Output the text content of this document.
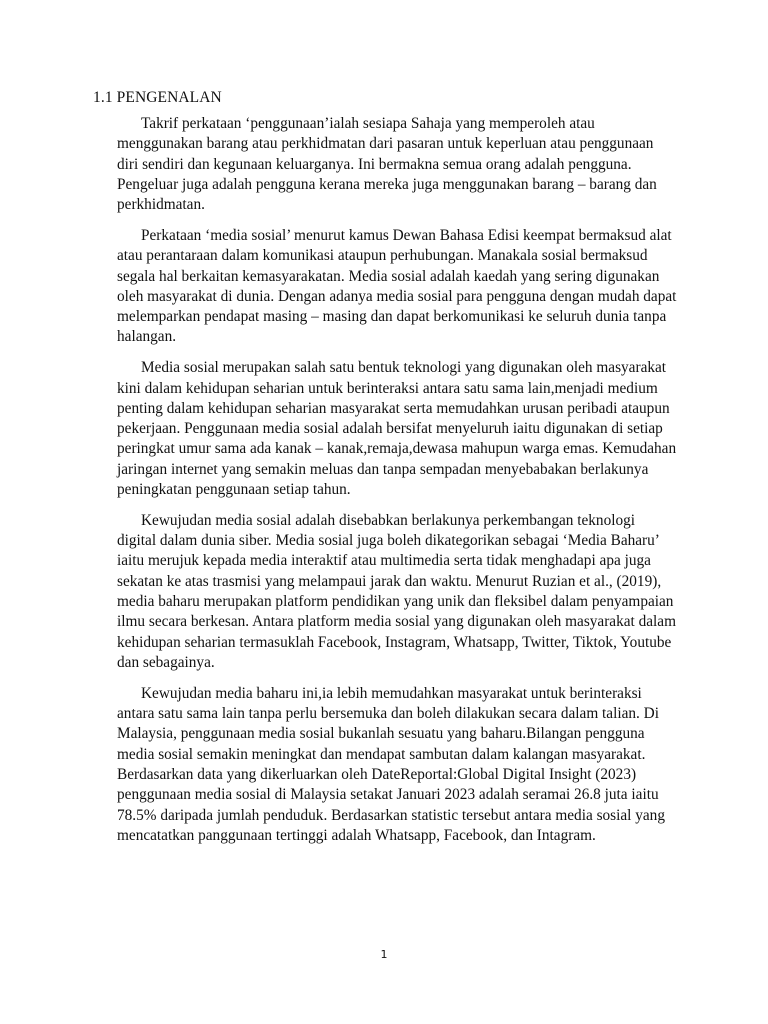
1.1 PENGENALAN

Takrif perkataan ‘penggunaan’ialah sesiapa Sahaja yang memperoleh atau menggunakan barang atau perkhidmatan dari pasaran untuk keperluan atau penggunaan diri sendiri dan kegunaan keluarganya. Ini bermakna semua orang adalah pengguna. Pengeluar juga adalah pengguna kerana mereka juga menggunakan barang – barang dan perkhidmatan.

Perkataan ‘media sosial’ menurut kamus Dewan Bahasa Edisi keempat bermaksud alat atau perantaraan dalam komunikasi ataupun perhubungan. Manakala sosial bermaksud segala hal berkaitan kemasyarakatan. Media sosial adalah kaedah yang sering digunakan oleh masyarakat di dunia. Dengan adanya media sosial para pengguna dengan mudah dapat melemparkan pendapat masing – masing dan dapat berkomunikasi ke seluruh dunia tanpa halangan.

Media sosial merupakan salah satu bentuk teknologi yang digunakan oleh masyarakat kini dalam kehidupan seharian untuk berinteraksi antara satu sama lain,menjadi medium penting dalam kehidupan seharian masyarakat serta memudahkan urusan peribadi ataupun pekerjaan. Penggunaan media sosial adalah bersifat menyeluruh iaitu digunakan di setiap peringkat umur sama ada kanak – kanak,remaja,dewasa mahupun warga emas. Kemudahan jaringan internet yang semakin meluas dan tanpa sempadan menyebabakan berlakunya peningkatan penggunaan setiap tahun.

Kewujudan media sosial adalah disebabkan berlakunya perkembangan teknologi digital dalam dunia siber. Media sosial juga boleh dikategorikan sebagai ‘Media Baharu’ iaitu merujuk kepada media interaktif atau multimedia serta tidak menghadapi apa juga sekatan ke atas trasmisi yang melampaui jarak dan waktu. Menurut Ruzian et al., (2019), media baharu merupakan platform pendidikan yang unik dan fleksibel dalam penyampaian ilmu secara berkesan. Antara platform media sosial yang digunakan oleh masyarakat dalam kehidupan seharian termasuklah Facebook, Instagram, Whatsapp, Twitter, Tiktok, Youtube dan sebagainya.

Kewujudan media baharu ini,ia lebih memudahkan masyarakat untuk berinteraksi antara satu sama lain tanpa perlu bersemuka dan boleh dilakukan secara dalam talian. Di Malaysia, penggunaan media sosial bukanlah sesuatu yang baharu.Bilangan pengguna media sosial semakin meningkat dan mendapat sambutan dalam kalangan masyarakat. Berdasarkan data yang dikerluarkan oleh DateReportal:Global Digital Insight (2023) penggunaan media sosial di Malaysia setakat Januari 2023 adalah seramai 26.8 juta iaitu 78.5% daripada jumlah penduduk. Berdasarkan statistic tersebut antara media sosial yang mencatatkan panggunaan tertinggi adalah Whatsapp, Facebook, dan Intagram.

1
